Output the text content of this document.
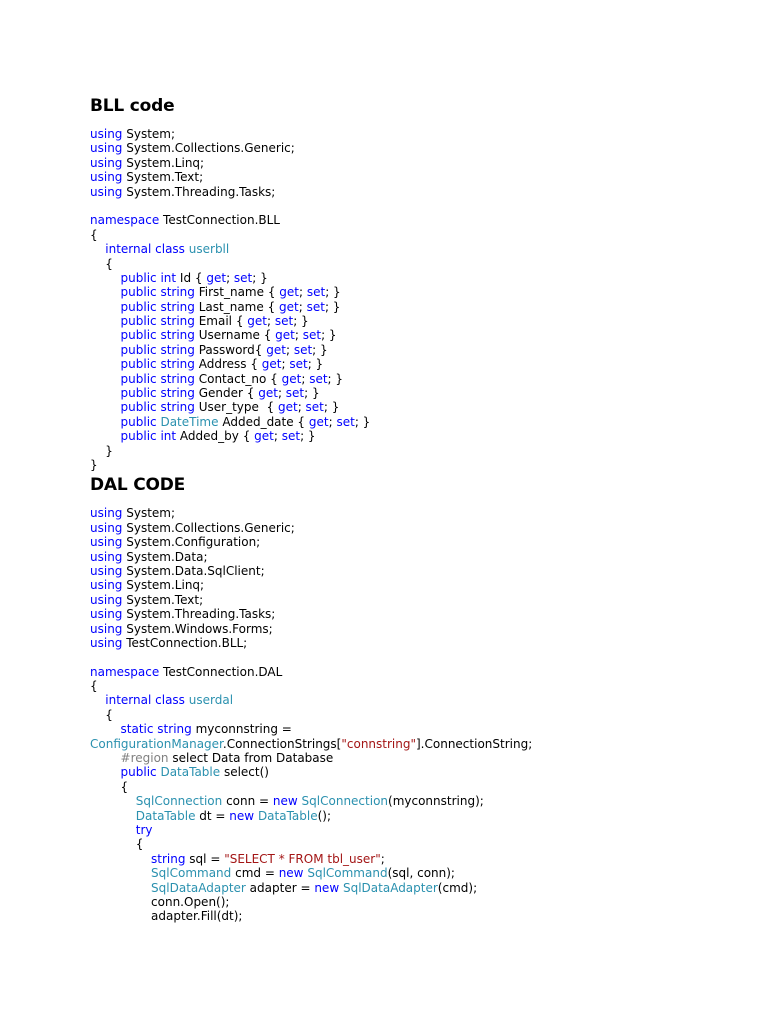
BLL code
using System;
using System.Collections.Generic;
using System.Linq;
using System.Text;
using System.Threading.Tasks;
namespace TestConnection.BLL
{
internal class userbll
{
public int Id { get; set; }
public string First_name { get; set; }
public string Last_name { get; set; }
public string Email { get; set; }
public string Username { get; set; }
public string Password{ get; set; }
public string Address { get; set; }
public string Contact_no { get; set; }
public string Gender { get; set; }
public string User_type  { get; set; }
public DateTime Added_date { get; set; }
public int Added_by { get; set; }
}
}
DAL CODE
using System;
using System.Collections.Generic;
using System.Configuration;
using System.Data;
using System.Data.SqlClient;
using System.Linq;
using System.Text;
using System.Threading.Tasks;
using System.Windows.Forms;
using TestConnection.BLL;
namespace TestConnection.DAL
{
internal class userdal
{
static string myconnstring =
ConfigurationManager.ConnectionStrings["connstring"].ConnectionString;
#region select Data from Database
public DataTable select()
{
SqlConnection conn = new SqlConnection(myconnstring);
DataTable dt = new DataTable();
try
{
string sql = "SELECT * FROM tbl_user";
SqlCommand cmd = new SqlCommand(sql, conn);
SqlDataAdapter adapter = new SqlDataAdapter(cmd);
conn.Open();
adapter.Fill(dt);
